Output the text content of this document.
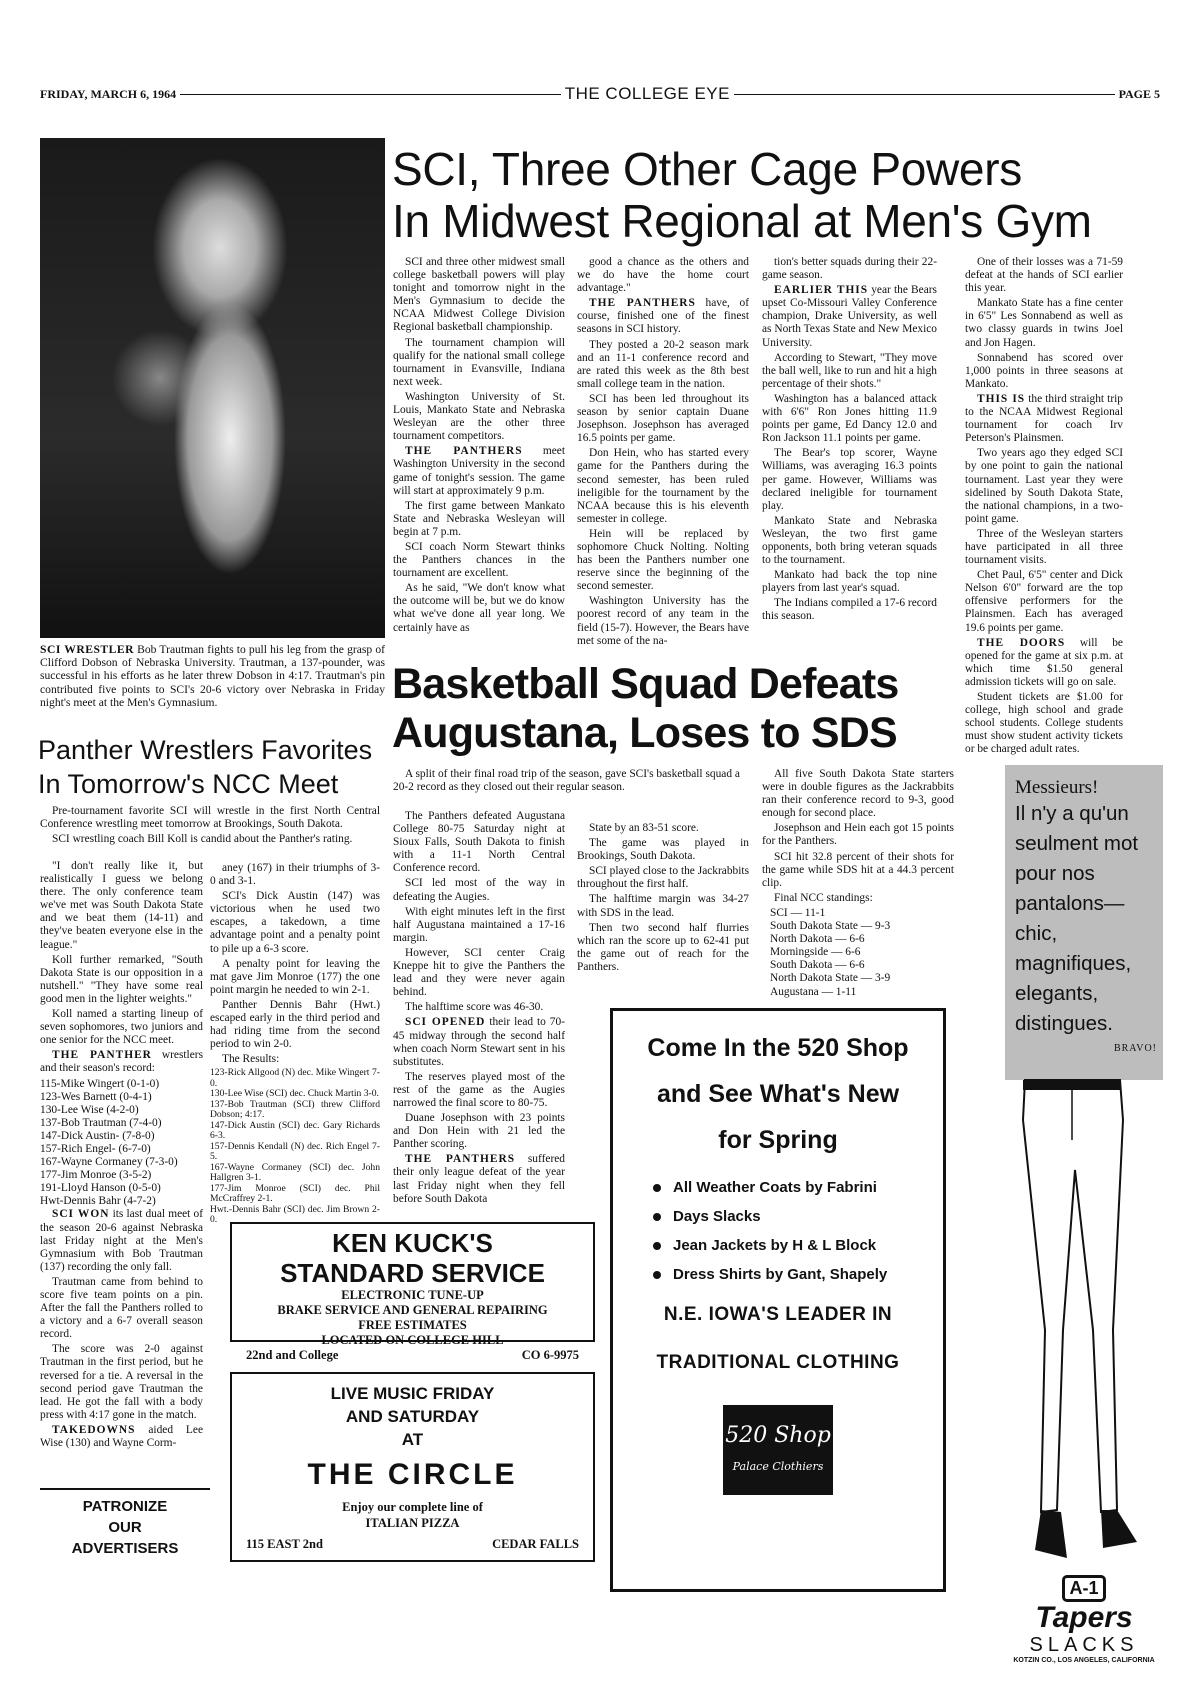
FRIDAY, MARCH 6, 1964	THE COLLEGE EYE	PAGE 5
SCI WRESTLER Bob Trautman fights to pull his leg from the grasp of Clifford Dobson of Nebraska University. Trautman, a 137-pounder, was successful in his efforts as he later threw Dobson in 4:17. Trautman's pin contributed five points to SCI's 20-6 victory over Nebraska in Friday night's meet at the Men's Gymnasium.
SCI, Three Other Cage Powers
In Midwest Regional at Men's Gym

SCI and three other midwest small college basketball powers will play tonight and tomorrow night in the Men's Gymnasium to decide the NCAA Midwest College Division Regional basketball championship.

The tournament champion will qualify for the national small college tournament in Evansville, Indiana next week.

Washington University of St. Louis, Mankato State and Nebraska Wesleyan are the other three tournament competitors.

THE PANTHERS meet Washington University in the second game of tonight's session. The game will start at approximately 9 p.m.

The first game between Mankato State and Nebraska Wesleyan will begin at 7 p.m.

SCI coach Norm Stewart thinks the Panthers chances in the tournament are excellent.

As he said, "We don't know what the outcome will be, but we do know what we've done all year long. We certainly have as

good a chance as the others and we do have the home court advantage."

THE PANTHERS have, of course, finished one of the finest seasons in SCI history.

They posted a 20-2 season mark and an 11-1 conference record and are rated this week as the 8th best small college team in the nation.

SCI has been led throughout its season by senior captain Duane Josephson. Josephson has averaged 16.5 points per game.

Don Hein, who has started every game for the Panthers during the second semester, has been ruled ineligible for the tournament by the NCAA because this is his eleventh semester in college.

Hein will be replaced by sophomore Chuck Nolting. Nolting has been the Panthers number one reserve since the beginning of the second semester.

Washington University has the poorest record of any team in the field (15-7). However, the Bears have met some of the na-

tion's better squads during their 22-game season.

EARLIER THIS year the Bears upset Co-Missouri Valley Conference champion, Drake University, as well as North Texas State and New Mexico University.

According to Stewart, "They move the ball well, like to run and hit a high percentage of their shots."

Washington has a balanced attack with 6'6" Ron Jones hitting 11.9 points per game, Ed Dancy 12.0 and Ron Jackson 11.1 points per game.

The Bear's top scorer, Wayne Williams, was averaging 16.3 points per game. However, Williams was declared ineligible for tournament play.

Mankato State and Nebraska Wesleyan, the two first game opponents, both bring veteran squads to the tournament.

Mankato had back the top nine players from last year's squad.

The Indians compiled a 17-6 record this season.

One of their losses was a 71-59 defeat at the hands of SCI earlier this year.

Mankato State has a fine center in 6'5" Les Sonnabend as well as two classy guards in twins Joel and Jon Hagen.

Sonnabend has scored over 1,000 points in three seasons at Mankato.

THIS IS the third straight trip to the NCAA Midwest Regional tournament for coach Irv Peterson's Plainsmen.

Two years ago they edged SCI by one point to gain the national tournament. Last year they were sidelined by South Dakota State, the national champions, in a two-point game.

Three of the Wesleyan starters have participated in all three tournament visits.

Chet Paul, 6'5" center and Dick Nelson 6'0" forward are the top offensive performers for the Plainsmen. Each has averaged 19.6 points per game.

THE DOORS will be opened for the game at six p.m. at which time $1.50 general admission tickets will go on sale.

Student tickets are $1.00 for college, high school and grade school students. College students must show student activity tickets or be charged adult rates.

Basketball Squad Defeats
Augustana, Loses to SDS

A split of their final road trip of the season, gave SCI's basketball squad a 20-2 record as they closed out their regular season.

The Panthers defeated Augustana College 80-75 Saturday night at Sioux Falls, South Dakota to finish with a 11-1 North Central Conference record.

SCI led most of the way in defeating the Augies.

With eight minutes left in the first half Augustana maintained a 17-16 margin.

However, SCI center Craig Kneppe hit to give the Panthers the lead and they were never again behind.

The halftime score was 46-30.

SCI OPENED their lead to 70-45 midway through the second half when coach Norm Stewart sent in his substitutes.

The reserves played most of the rest of the game as the Augies narrowed the final score to 80-75.

Duane Josephson with 23 points and Don Hein with 21 led the Panther scoring.

THE PANTHERS suffered their only league defeat of the year last Friday night when they fell before South Dakota

State by an 83-51 score.

The game was played in Brookings, South Dakota.

SCI played close to the Jackrabbits throughout the first half.

The halftime margin was 34-27 with SDS in the lead.

Then two second half flurries which ran the score up to 62-41 put the game out of reach for the Panthers.

All five South Dakota State starters were in double figures as the Jackrabbits ran their conference record to 9-3, good enough for second place.

Josephson and Hein each got 15 points for the Panthers.

SCI hit 32.8 percent of their shots for the game while SDS hit at a 44.3 percent clip.

Final NCC standings:

SCI — 11-1

South Dakota State — 9-3

North Dakota — 6-6

Morningside — 6-6

South Dakota — 6-6

North Dakota State — 3-9

Augustana — 1-11

Panther Wrestlers Favorites
In Tomorrow's NCC Meet

Pre-tournament favorite SCI will wrestle in the first North Central Conference wrestling meet tomorrow at Brookings, South Dakota.

SCI wrestling coach Bill Koll is candid about the Panther's rating.

"I don't really like it, but realistically I guess we belong there. The only conference team we've met was South Dakota State and we beat them (14-11) and they've beaten everyone else in the league."

Koll further remarked, "South Dakota State is our opposition in a nutshell." "They have some real good men in the lighter weights."

Koll named a starting lineup of seven sophomores, two juniors and one senior for the NCC meet.

THE PANTHER wrestlers and their season's record:

115-Mike Wingert (0-1-0)

123-Wes Barnett (0-4-1)

130-Lee Wise (4-2-0)

137-Bob Trautman (7-4-0)

147-Dick Austin- (7-8-0)

157-Rich Engel- (6-7-0)

167-Wayne Cormaney (7-3-0)

177-Jim Monroe (3-5-2)

191-Lloyd Hanson (0-5-0)

Hwt-Dennis Bahr (4-7-2)

SCI WON its last dual meet of the season 20-6 against Nebraska last Friday night at the Men's Gymnasium with Bob Trautman (137) recording the only fall.

Trautman came from behind to score five team points on a pin. After the fall the Panthers rolled to a victory and a 6-7 overall season record.

The score was 2-0 against Trautman in the first period, but he reversed for a tie. A reversal in the second period gave Trautman the lead. He got the fall with a body press with 4:17 gone in the match.

TAKEDOWNS aided Lee Wise (130) and Wayne Corm-

aney (167) in their triumphs of 3-0 and 3-1.

SCI's Dick Austin (147) was victorious when he used two escapes, a takedown, a time advantage point and a penalty point to pile up a 6-3 score.

A penalty point for leaving the mat gave Jim Monroe (177) the one point margin he needed to win 2-1.

Panther Dennis Bahr (Hwt.) escaped early in the third period and had riding time from the second period to win 2-0.

The Results:

123-Rick Allgood (N) dec. Mike Wingert 7-0.

130-Lee Wise (SCI) dec. Chuck Martin 3-0.

137-Bob Trautman (SCI) threw Clifford Dobson; 4:17.

147-Dick Austin (SCI) dec. Gary Richards 6-3.

157-Dennis Kendall (N) dec. Rich Engel 7-5.

167-Wayne Cormaney (SCI) dec. John Hallgren 3-1.

177-Jim Monroe (SCI) dec. Phil McCraffrey 2-1.

Hwt.-Dennis Bahr (SCI) dec. Jim Brown 2-0.

KEN KUCK'S
STANDARD SERVICE
ELECTRONIC TUNE-UP
BRAKE SERVICE AND GENERAL REPAIRING
FREE ESTIMATES
LOCATED ON COLLEGE HILL
22nd and College	CO 6-9975
LIVE MUSIC FRIDAY
AND SATURDAY
AT
THE CIRCLE
Enjoy our complete line of
ITALIAN PIZZA
115 EAST 2nd	CEDAR FALLS
Come In the 520 Shop
and See What's New
for Spring
All Weather Coats by Fabrini
Days Slacks
Jean Jackets by H & L Block
Dress Shirts by Gant, Shapely
N.E. IOWA'S LEADER IN
TRADITIONAL CLOTHING
520 Shop
Palace Clothiers
Messieurs!
Il n'y a qu'un seulment mot pour nos pantalons—chic, magnifiques, elegants, distingues.
BRAVO!
A-1
Tapers
SLACKS
KOTZIN CO., LOS ANGELES, CALIFORNIA
PATRONIZE
OUR
ADVERTISERS
